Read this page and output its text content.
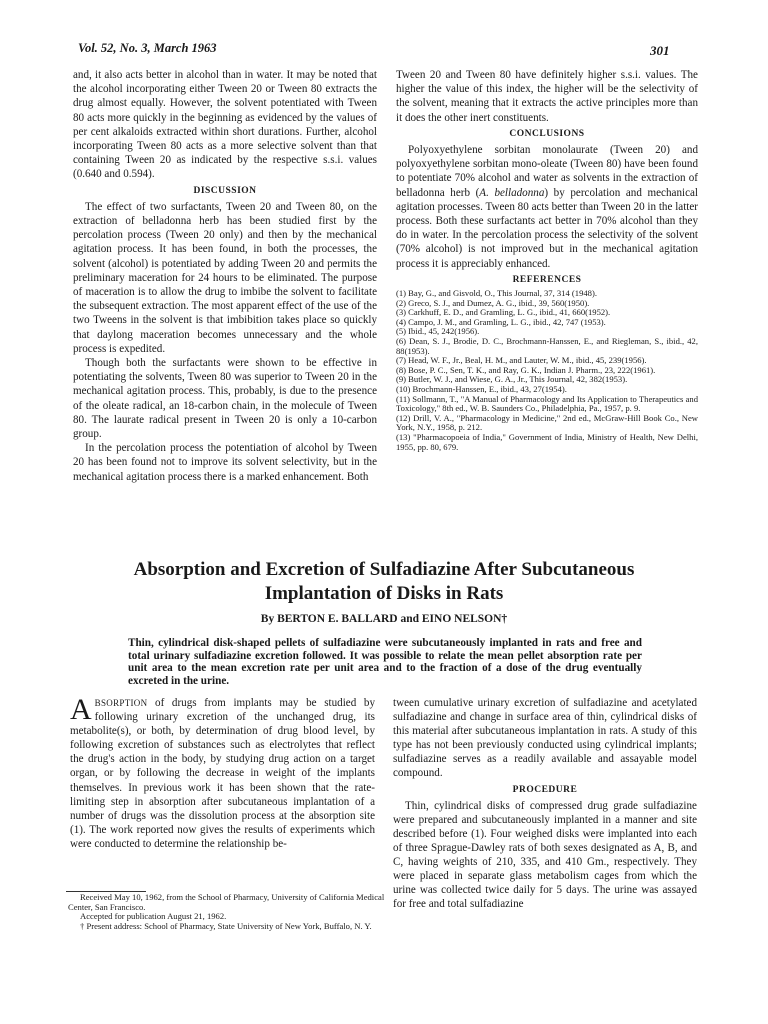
Vol. 52, No. 3, March 1963	301

and, it also acts better in alcohol than in water. It may be noted that the alcohol incorporating either Tween 20 or Tween 80 extracts the drug almost equally. However, the solvent potentiated with Tween 80 acts more quickly in the beginning as evidenced by the values of per cent alkaloids extracted within short durations. Further, alcohol incorporating Tween 80 acts as a more selective solvent than that containing Tween 20 as indicated by the respective s.s.i. values (0.640 and 0.594).

DISCUSSION

The effect of two surfactants, Tween 20 and Tween 80, on the extraction of belladonna herb has been studied first by the percolation process (Tween 20 only) and then by the mechanical agitation process. It has been found, in both the processes, the solvent (alcohol) is potentiated by adding Tween 20 and permits the preliminary maceration for 24 hours to be eliminated. The purpose of maceration is to allow the drug to imbibe the solvent to facilitate the subsequent extraction. The most apparent effect of the use of the two Tweens in the solvent is that imbibition takes place so quickly that daylong maceration becomes unnecessary and the whole process is expedited.

Though both the surfactants were shown to be effective in potentiating the solvents, Tween 80 was superior to Tween 20 in the mechanical agitation process. This, probably, is due to the presence of the oleate radical, an 18-carbon chain, in the molecule of Tween 80. The laurate radical present in Tween 20 is only a 10-carbon group.

In the percolation process the potentiation of alcohol by Tween 20 has been found not to improve its solvent selectivity, but in the mechanical agitation process there is a marked enhancement. Both

Tween 20 and Tween 80 have definitely higher s.s.i. values. The higher the value of this index, the higher will be the selectivity of the solvent, meaning that it extracts the active principles more than it does the other inert constituents.

CONCLUSIONS

Polyoxyethylene sorbitan monolaurate (Tween 20) and polyoxyethylene sorbitan mono-oleate (Tween 80) have been found to potentiate 70% alcohol and water as solvents in the extraction of belladonna herb (A. belladonna) by percolation and mechanical agitation processes. Tween 80 acts better than Tween 20 in the latter process. Both these surfactants act better in 70% alcohol than they do in water. In the percolation process the selectivity of the solvent (70% alcohol) is not improved but in the mechanical agitation process it is appreciably enhanced.

REFERENCES
(1) Bay, G., and Gisvold, O., This Journal, 37, 314 (1948).
(2) Greco, S. J., and Dumez, A. G., ibid., 39, 560(1950).
(3) Carkhuff, E. D., and Gramling, L. G., ibid., 41, 660(1952).
(4) Campo, J. M., and Gramling, L. G., ibid., 42, 747 (1953).
(5) Ibid., 45, 242(1956).
(6) Dean, S. J., Brodie, D. C., Brochmann-Hanssen, E., and Riegleman, S., ibid., 42, 88(1953).
(7) Head, W. F., Jr., Beal, H. M., and Lauter, W. M., ibid., 45, 239(1956).
(8) Bose, P. C., Sen, T. K., and Ray, G. K., Indian J. Pharm., 23, 222(1961).
(9) Butler, W. J., and Wiese, G. A., Jr., This Journal, 42, 382(1953).
(10) Brochmann-Hanssen, E., ibid., 43, 27(1954).
(11) Sollmann, T., "A Manual of Pharmacology and Its Application to Therapeutics and Toxicology," 8th ed., W. B. Saunders Co., Philadelphia, Pa., 1957, p. 9.
(12) Drill, V. A., "Pharmacology in Medicine," 2nd ed., McGraw-Hill Book Co., New York, N.Y., 1958, p. 212.
(13) "Pharmacopoeia of India," Government of India, Ministry of Health, New Delhi, 1955, pp. 80, 679.
Absorption and Excretion of Sulfadiazine After Subcutaneous
Implantation of Disks in Rats
By BERTON E. BALLARD and EINO NELSON†
Thin, cylindrical disk-shaped pellets of sulfadiazine were subcutaneously implanted in rats and free and total urinary sulfadiazine excretion followed. It was possible to relate the mean pellet absorption rate per unit area to the mean excretion rate per unit area and to the fraction of a dose of the drug eventually excreted in the urine.

ABSORPTION of drugs from implants may be studied by following urinary excretion of the unchanged drug, its metabolite(s), or both, by determination of drug blood level, by following excretion of substances such as electrolytes that reflect the drug's action in the body, by studying drug action on a target organ, or by following the decrease in weight of the implants themselves. In previous work it has been shown that the rate-limiting step in absorption after subcutaneous implantation of a number of drugs was the dissolution process at the absorption site (1). The work reported now gives the results of experiments which were conducted to determine the relationship be-

tween cumulative urinary excretion of sulfadiazine and acetylated sulfadiazine and change in surface area of thin, cylindrical disks of this material after subcutaneous implantation in rats. A study of this type has not been previously conducted using cylindrical implants; sulfadiazine serves as a readily available and assayable model compound.

PROCEDURE

Thin, cylindrical disks of compressed drug grade sulfadiazine were prepared and subcutaneously implanted in a manner and site described before (1). Four weighed disks were implanted into each of three Sprague-Dawley rats of both sexes designated as A, B, and C, having weights of 210, 335, and 410 Gm., respectively. They were placed in separate glass metabolism cages from which the urine was collected twice daily for 5 days. The urine was assayed for free and total sulfadiazine

Received May 10, 1962, from the School of Pharmacy, University of California Medical Center, San Francisco.
Accepted for publication August 21, 1962.
† Present address: School of Pharmacy, State University of New York, Buffalo, N. Y.
